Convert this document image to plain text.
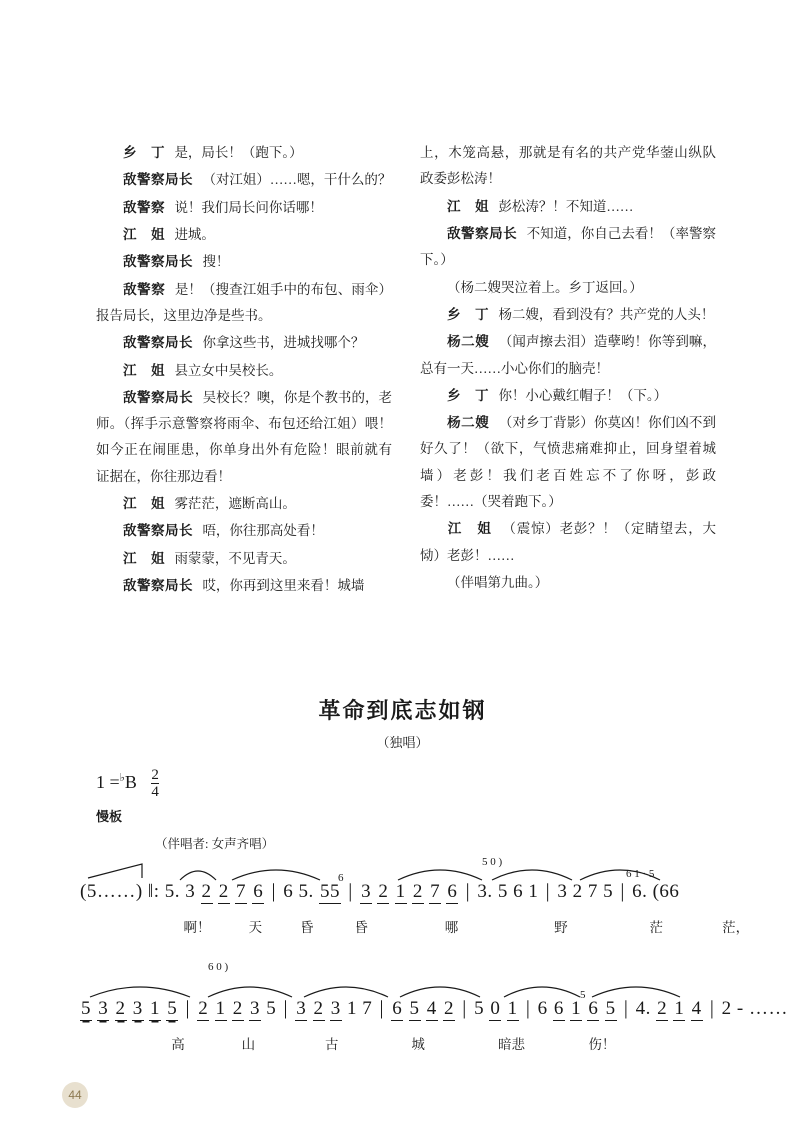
乡　丁 是，局长！（跑下。）

敌警察局长 （对江姐）……嗯，干什么的？

敌警察 说！我们局长问你话哪！

江　姐 进城。

敌警察局长 搜！

敌警察 是！（搜查江姐手中的布包、雨伞）报告局长，这里边净是些书。

敌警察局长 你拿这些书，进城找哪个？

江　姐 县立女中吴校长。

敌警察局长 吴校长？噢，你是个教书的，老师。（挥手示意警察将雨伞、布包还给江姐）喂！如今正在闹匪患，你单身出外有危险！眼前就有证据在，你往那边看！

江　姐 雾茫茫，遮断高山。

敌警察局长 唔，你往那高处看！

江　姐 雨蒙蒙，不见青天。

敌警察局长 哎，你再到这里来看！城墙

上，木笼高悬，那就是有名的共产党华蓥山纵队政委彭松涛！

江　姐 彭松涛？！不知道……

敌警察局长 不知道，你自己去看！（率警察下。）

（杨二嫂哭泣着上。乡丁返回。）

乡　丁 杨二嫂，看到没有？共产党的人头！

杨二嫂 （闻声擦去泪）造孽哟！你等到嘛，总有一天……小心你们的脑壳！

乡　丁 你！小心戴红帽子！（下。）

杨二嫂 （对乡丁背影）你莫凶！你们凶不到好久了！（欲下，气愤悲痛难抑止，回身望着城墙）老彭！我们老百姓忘不了你呀，彭政委！……（哭着跑下。）

江　姐 （震惊）老彭？！（定睛望去，大恸）老彭！……

（伴唱第九曲。）

革命到底志如钢
（独唱）
$1 =^♭B \frac{2}{4}$
慢板
（伴唱者: 女声齐唱）
5 0 )
6	6 1 · 5
(5……) ‖: 5. 3 2 2 7 6 | 6 5. 55 | 3 2 1 2 7 6 | 3. 5 6 1 | 3 2 7 5 | 6. (66
啊！	天	昏	昏	哪	野	茫	茫，
6 0 )
5
5 3 2 3 1 5 | 2 1 2 3 5 | 3 2 3 1 7 | 6 5 4 2 | 5 0 1 | 6 6 1 6 5 | 4. 2 1 4 | 2 - ……
高	山	古	城	暗悲	伤！
44
